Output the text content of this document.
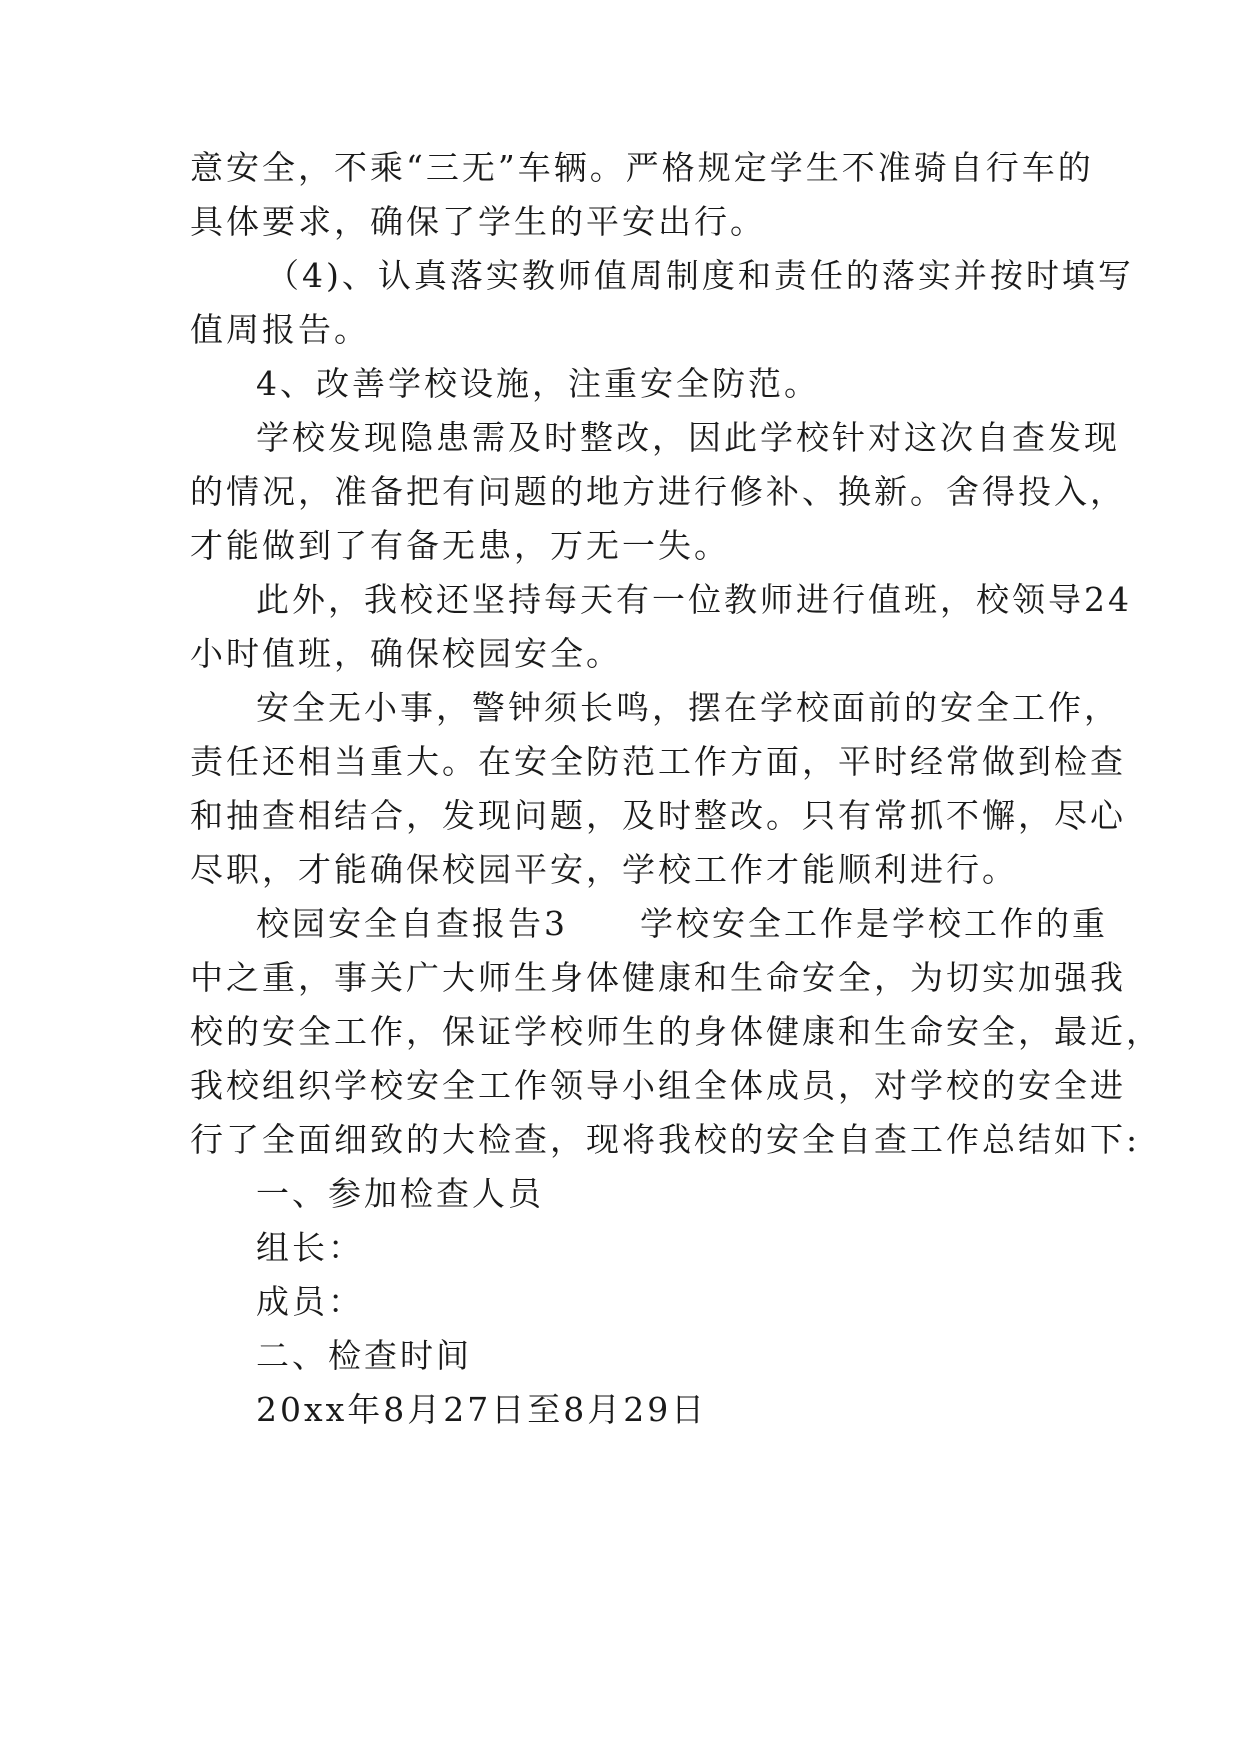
意安全，不乘“三无”车辆。严格规定学生不准骑自行车的
具体要求，确保了学生的平安出行。
（4)、认真落实教师值周制度和责任的落实并按时填写
值周报告。
4、改善学校设施，注重安全防范。
学校发现隐患需及时整改，因此学校针对这次自查发现
的情况，准备把有问题的地方进行修补、换新。舍得投入，
才能做到了有备无患，万无一失。
此外，我校还坚持每天有一位教师进行值班，校领导24
小时值班，确保校园安全。
安全无小事，警钟须长鸣，摆在学校面前的安全工作，
责任还相当重大。在安全防范工作方面，平时经常做到检查
和抽查相结合，发现问题，及时整改。只有常抓不懈，尽心
尽职，才能确保校园平安，学校工作才能顺利进行。
校园安全自查报告3　　学校安全工作是学校工作的重
中之重，事关广大师生身体健康和生命安全，为切实加强我
校的安全工作，保证学校师生的身体健康和生命安全，最近，
我校组织学校安全工作领导小组全体成员，对学校的安全进
行了全面细致的大检查，现将我校的安全自查工作总结如下:
一、参加检查人员
组长：
成员：
二、检查时间
20xx年8月27日至8月29日
